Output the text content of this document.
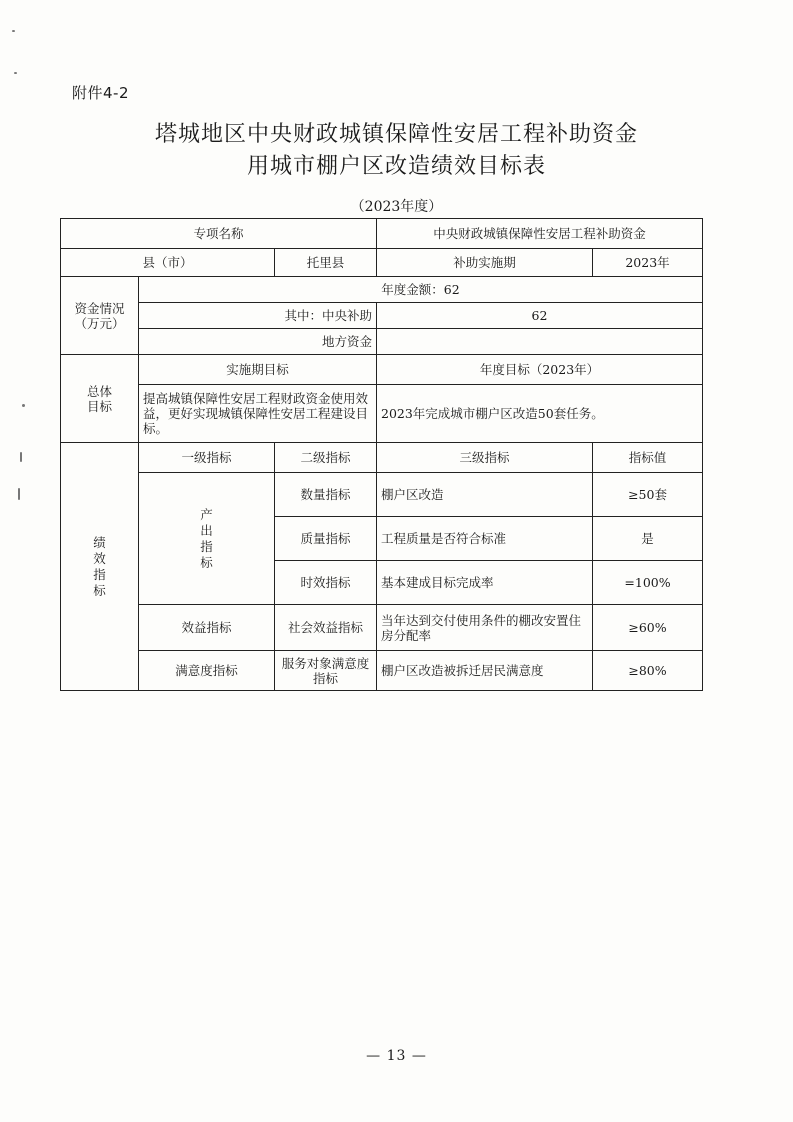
附件4-2
塔城地区中央财政城镇保障性安居工程补助资金
用城市棚户区改造绩效目标表
（2023年度）
专项名称			中央财政城镇保障性安居工程补助资金	
县（市）		托里县	补助实施期	2023年
资金情况（万元）	年度金额：62			
	其中：中央补助		62	
	地方资金			
总体目标	实施期目标		年度目标（2023年）	
	提高城镇保障性安居工程财政资金使用效益，更好实现城镇保障性安居工程建设目标。		2023年完成城市棚户区改造50套任务。	
绩效指标	一级指标	二级指标	三级指标	指标值
	产出指标	数量指标	棚户区改造	≥50套
		质量指标	工程质量是否符合标准	是
		时效指标	基本建成目标完成率	=100%
	效益指标	社会效益指标	当年达到交付使用条件的棚改安置住房分配率	≥60%
	满意度指标	服务对象满意度指标	棚户区改造被拆迁居民满意度	≥80%
— 13 —
